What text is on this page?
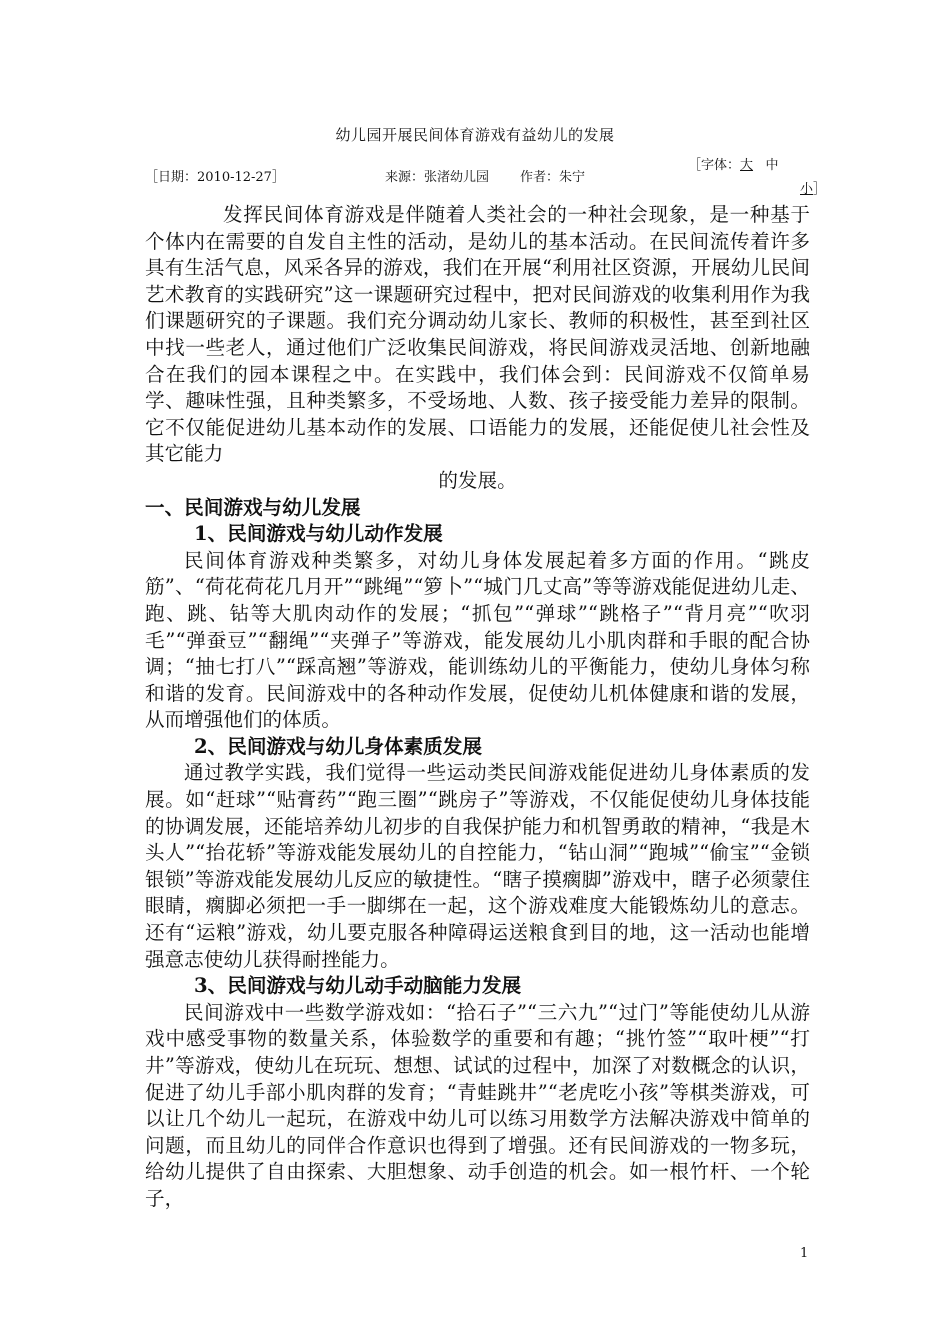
幼儿园开展民间体育游戏有益幼儿的发展
［日期：2010-12-27］	来源：张渚幼儿园 作者：朱宁
［字体：大 中
小］

发挥民间体育游戏是伴随着人类社会的一种社会现象，是一种基于个体内在需要的自发自主性的活动，是幼儿的基本活动。在民间流传着许多具有生活气息，风采各异的游戏，我们在开展“利用社区资源，开展幼儿民间艺术教育的实践研究”这一课题研究过程中，把对民间游戏的收集利用作为我们课题研究的子课题。我们充分调动幼儿家长、教师的积极性，甚至到社区中找一些老人，通过他们广泛收集民间游戏，将民间游戏灵活地、创新地融合在我们的园本课程之中。在实践中，我们体会到：民间游戏不仅简单易学、趣味性强，且种类繁多，不受场地、人数、孩子接受能力差异的限制。它不仅能促进幼儿基本动作的发展、口语能力的发展，还能促使儿社会性及其它能力

的发展。

一、民间游戏与幼儿发展

1、民间游戏与幼儿动作发展

民间体育游戏种类繁多，对幼儿身体发展起着多方面的作用。“跳皮筋”、“荷花荷花几月开”“跳绳”“箩卜”“城门几丈高”等等游戏能促进幼儿走、跑、跳、钻等大肌肉动作的发展；“抓包”“弹球”“跳格子”“背月亮”“吹羽毛”“弹蚕豆”“翻绳”“夹弹子”等游戏，能发展幼儿小肌肉群和手眼的配合协调；“抽七打八”“踩高翘”等游戏，能训练幼儿的平衡能力，使幼儿身体匀称和谐的发育。民间游戏中的各种动作发展，促使幼儿机体健康和谐的发展，从而增强他们的体质。

2、民间游戏与幼儿身体素质发展

通过教学实践，我们觉得一些运动类民间游戏能促进幼儿身体素质的发展。如“赶球”“贴膏药”“跑三圈”“跳房子”等游戏，不仅能促使幼儿身体技能的协调发展，还能培养幼儿初步的自我保护能力和机智勇敢的精神，“我是木头人”“抬花轿”等游戏能发展幼儿的自控能力，“钻山洞”“跑城”“偷宝”“金锁银锁”等游戏能发展幼儿反应的敏捷性。“瞎子摸瘸脚”游戏中，瞎子必须蒙住眼睛，瘸脚必须把一手一脚绑在一起，这个游戏难度大能锻炼幼儿的意志。还有“运粮”游戏，幼儿要克服各种障碍运送粮食到目的地，这一活动也能增强意志使幼儿获得耐挫能力。

3、民间游戏与幼儿动手动脑能力发展

民间游戏中一些数学游戏如：“拾石子”“三六九”“过门”等能使幼儿从游戏中感受事物的数量关系，体验数学的重要和有趣；“挑竹签”“取叶梗”“打井”等游戏，使幼儿在玩玩、想想、试试的过程中，加深了对数概念的认识，促进了幼儿手部小肌肉群的发育；“青蛙跳井”“老虎吃小孩”等棋类游戏，可以让几个幼儿一起玩，在游戏中幼儿可以练习用数学方法解决游戏中简单的问题，而且幼儿的同伴合作意识也得到了增强。还有民间游戏的一物多玩，给幼儿提供了自由探索、大胆想象、动手创造的机会。如一根竹杆、一个轮子，

1
